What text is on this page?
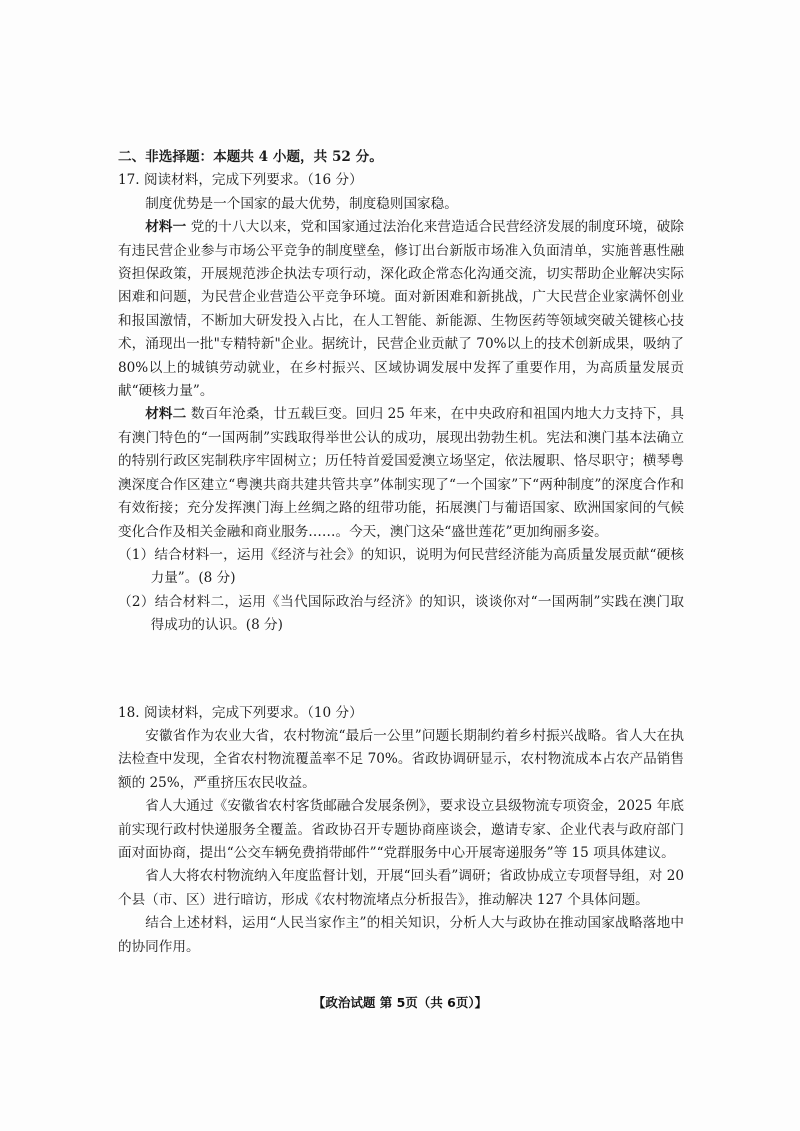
二、非选择题：本题共 4 小题，共 52 分。

17. 阅读材料，完成下列要求。（16 分）

制度优势是一个国家的最大优势，制度稳则国家稳。

材料一 党的十八大以来，党和国家通过法治化来营造适合民营经济发展的制度环境，破除有违民营企业参与市场公平竞争的制度壁垒，修订出台新版市场准入负面清单，实施普惠性融资担保政策，开展规范涉企执法专项行动，深化政企常态化沟通交流，切实帮助企业解决实际困难和问题，为民营企业营造公平竞争环境。面对新困难和新挑战，广大民营企业家满怀创业和报国激情，不断加大研发投入占比，在人工智能、新能源、生物医药等领域突破关键核心技术，涌现出一批"专精特新"企业。据统计，民营企业贡献了 70%以上的技术创新成果，吸纳了 80%以上的城镇劳动就业，在乡村振兴、区域协调发展中发挥了重要作用，为高质量发展贡献“硬核力量”。

材料二 数百年沧桑，廿五载巨变。回归 25 年来，在中央政府和祖国内地大力支持下，具有澳门特色的“一国两制”实践取得举世公认的成功，展现出勃勃生机。宪法和澳门基本法确立的特别行政区宪制秩序牢固树立；历任特首爱国爱澳立场坚定，依法履职、恪尽职守；横琴粤澳深度合作区建立“粤澳共商共建共管共享”体制实现了“一个国家”下“两种制度”的深度合作和有效衔接；充分发挥澳门海上丝绸之路的纽带功能，拓展澳门与葡语国家、欧洲国家间的气候变化合作及相关金融和商业服务……。今天，澳门这朵“盛世莲花”更加绚丽多姿。

（1）结合材料一，运用《经济与社会》的知识，说明为何民营经济能为高质量发展贡献“硬核力量”。(8 分)

（2）结合材料二，运用《当代国际政治与经济》的知识，谈谈你对“一国两制”实践在澳门取得成功的认识。(8 分)

18. 阅读材料，完成下列要求。（10 分）

安徽省作为农业大省，农村物流“最后一公里”问题长期制约着乡村振兴战略。省人大在执法检查中发现，全省农村物流覆盖率不足 70%。省政协调研显示，农村物流成本占农产品销售额的 25%，严重挤压农民收益。

省人大通过《安徽省农村客货邮融合发展条例》，要求设立县级物流专项资金，2025 年底前实现行政村快递服务全覆盖。省政协召开专题协商座谈会，邀请专家、企业代表与政府部门面对面协商，提出“公交车辆免费捎带邮件”“党群服务中心开展寄递服务”等 15 项具体建议。

省人大将农村物流纳入年度监督计划，开展“回头看”调研；省政协成立专项督导组，对 20 个县（市、区）进行暗访，形成《农村物流堵点分析报告》，推动解决 127 个具体问题。

结合上述材料，运用“人民当家作主”的相关知识，分析人大与政协在推动国家战略落地中的协同作用。

【政治试题 第 5页（共 6页）】
